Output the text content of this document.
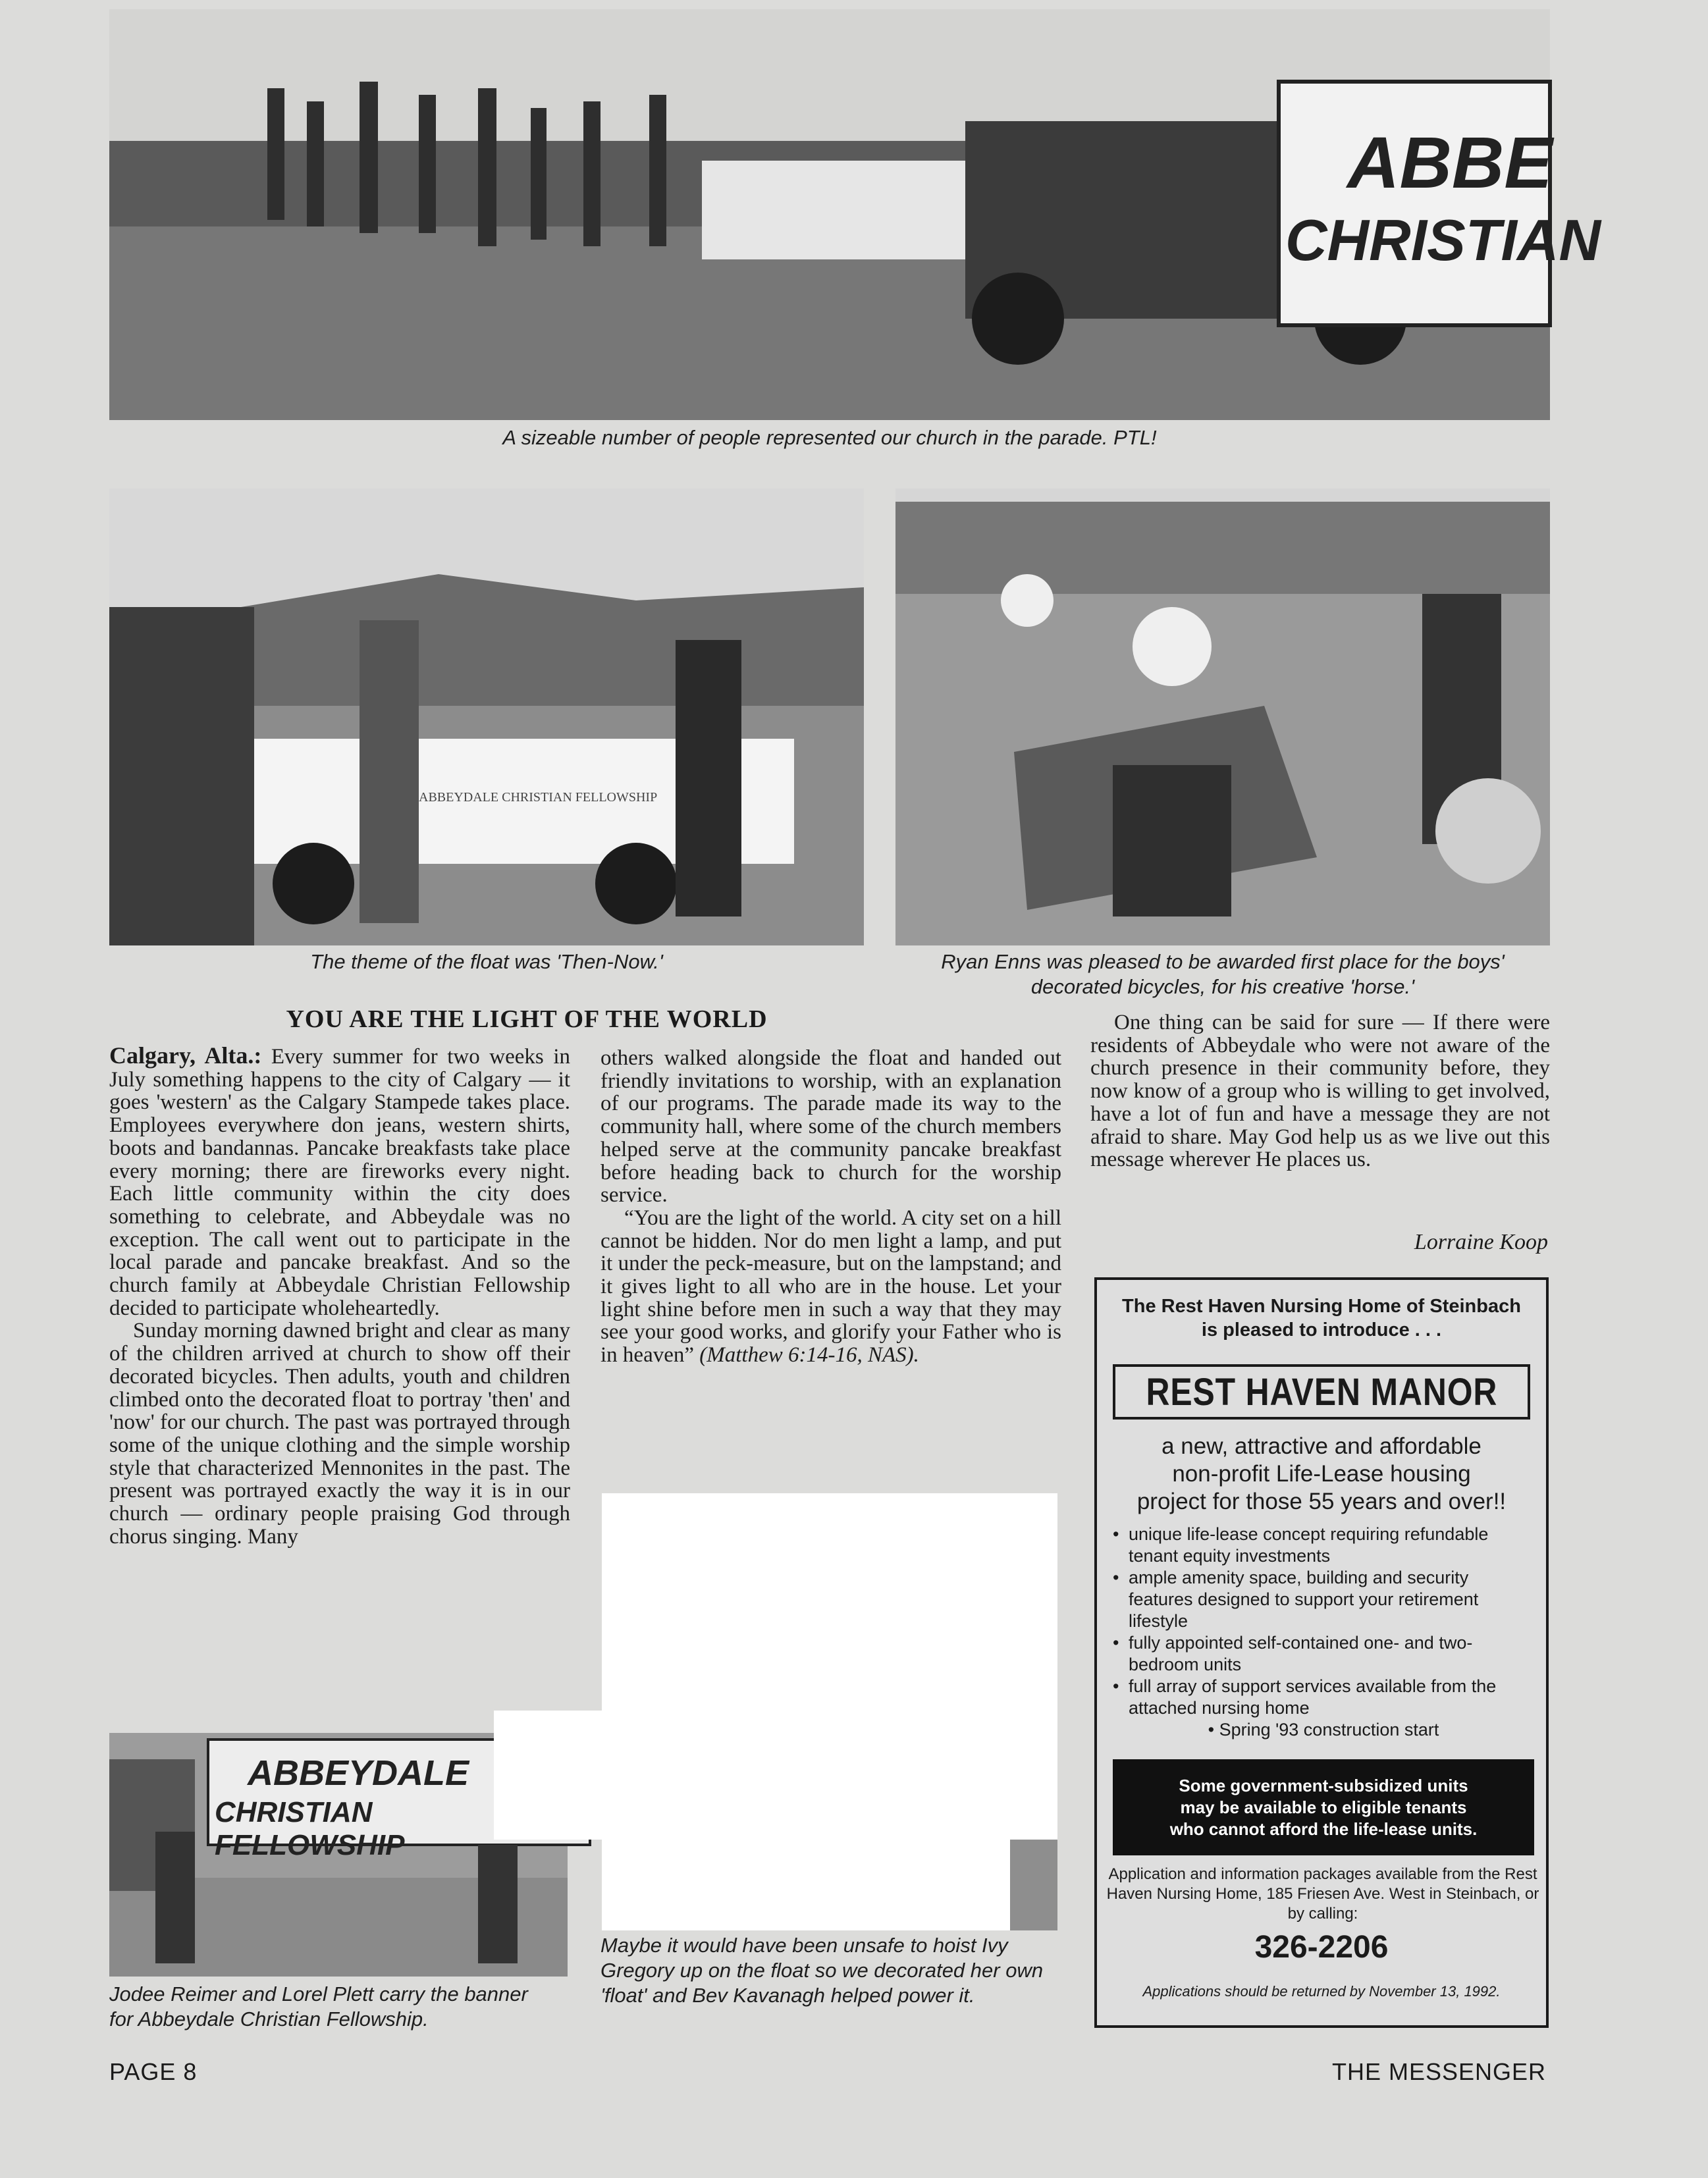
ABBE
CHRISTIAN
A sizeable number of people represented our church in the parade. PTL!
ABBEYDALE CHRISTIAN FELLOWSHIP
The theme of the float was 'Then-Now.'	Ryan Enns was pleased to be awarded first place for the boys' decorated bicycles, for his creative 'horse.'
YOU ARE THE LIGHT OF THE WORLD

Calgary, Alta.: Every summer for two weeks in July something happens to the city of Calgary — it goes 'western' as the Calgary Stampede takes place. Employees everywhere don jeans, western shirts, boots and bandannas. Pancake breakfasts take place every morning; there are fireworks every night. Each little community within the city does something to celebrate, and Abbeydale was no exception. The call went out to participate in the local parade and pancake breakfast. And so the church family at Abbeydale Christian Fellowship decided to participate wholeheartedly.

Sunday morning dawned bright and clear as many of the children arrived at church to show off their decorated bicycles. Then adults, youth and children climbed onto the decorated float to portray 'then' and 'now' for our church. The past was portrayed through some of the unique clothing and the simple worship style that characterized Mennonites in the past. The present was portrayed exactly the way it is in our church — ordinary people praising God through chorus singing. Many

others walked alongside the float and handed out friendly invitations to worship, with an explanation of our programs. The parade made its way to the community hall, where some of the church members helped serve at the community pancake breakfast before heading back to church for the worship service.

“You are the light of the world. A city set on a hill cannot be hidden. Nor do men light a lamp, and put it under the peck-measure, but on the lampstand; and it gives light to all who are in the house. Let your light shine before men in such a way that they may see your good works, and glorify your Father who is in heaven” (Matthew 6:14-16, NAS).

One thing can be said for sure — If there were residents of Abbeydale who were not aware of the church presence in their community before, they now know of a group who is willing to get involved, have a lot of fun and have a message they are not afraid to share. May God help us as we live out this message wherever He places us.

Lorraine Koop
ABBEYDALE
CHRISTIAN FELLOWSHIP
Jodee Reimer and Lorel Plett carry the banner for Abbeydale Christian Fellowship.
Maybe it would have been unsafe to hoist Ivy Gregory up on the float so we decorated her own 'float' and Bev Kavanagh helped power it.
The Rest Haven Nursing Home of Steinbach
is pleased to introduce . . .
REST HAVEN MANOR
a new, attractive and affordable
non-profit Life-Lease housing
project for those 55 years and over!!
• unique life-lease concept requiring refundable tenant equity investments
• ample amenity space, building and security features designed to support your retirement lifestyle
• fully appointed self-contained one- and two-bedroom units
• full array of support services available from the attached nursing home
• Spring '93 construction start
Some government-subsidized units
may be available to eligible tenants
who cannot afford the life-lease units.
Application and information packages available from the Rest Haven Nursing Home, 185 Friesen Ave. West in Steinbach, or by calling:
326-2206
Applications should be returned by November 13, 1992.
PAGE 8	THE MESSENGER
